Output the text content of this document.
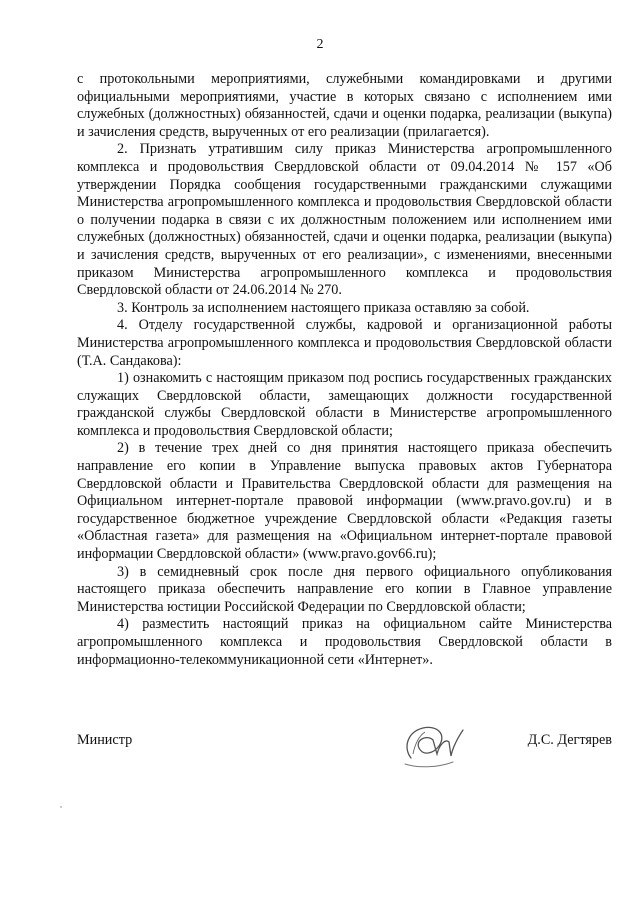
2

с протокольными мероприятиями, служебными командировками и другими официальными мероприятиями, участие в которых связано с исполнением ими служебных (должностных) обязанностей, сдачи и оценки подарка, реализации (выкупа) и зачисления средств, вырученных от его реализации (прилагается).

2. Признать утратившим силу приказ Министерства агропромышленного комплекса и продовольствия Свердловской области от 09.04.2014 № 157 «Об утверждении Порядка сообщения государственными гражданскими служащими Министерства агропромышленного комплекса и продовольствия Свердловской области о получении подарка в связи с их должностным положением или исполнением ими служебных (должностных) обязанностей, сдачи и оценки подарка, реализации (выкупа) и зачисления средств, вырученных от его реализации», с изменениями, внесенными приказом Министерства агропромышленного комплекса и продовольствия Свердловской области от 24.06.2014 № 270.

3. Контроль за исполнением настоящего приказа оставляю за собой.

4. Отделу государственной службы, кадровой и организационной работы Министерства агропромышленного комплекса и продовольствия Свердловской области (Т.А. Сандакова):

1) ознакомить с настоящим приказом под роспись государственных гражданских служащих Свердловской области, замещающих должности государственной гражданской службы Свердловской области в Министерстве агропромышленного комплекса и продовольствия Свердловской области;

2) в течение трех дней со дня принятия настоящего приказа обеспечить направление его копии в Управление выпуска правовых актов Губернатора Свердловской области и Правительства Свердловской области для размещения на Официальном интернет-портале правовой информации (www.pravo.gov.ru) и в государственное бюджетное учреждение Свердловской области «Редакция газеты «Областная газета» для размещения на «Официальном интернет-портале правовой информации Свердловской области» (www.pravo.gov66.ru);

3) в семидневный срок после дня первого официального опубликования настоящего приказа обеспечить направление его копии в Главное управление Министерства юстиции Российской Федерации по Свердловской области;

4) разместить настоящий приказ на официальном сайте Министерства агропромышленного комплекса и продовольствия Свердловской области в информационно-телекоммуникационной сети «Интернет».

Министр	Д.С. Дегтярев
